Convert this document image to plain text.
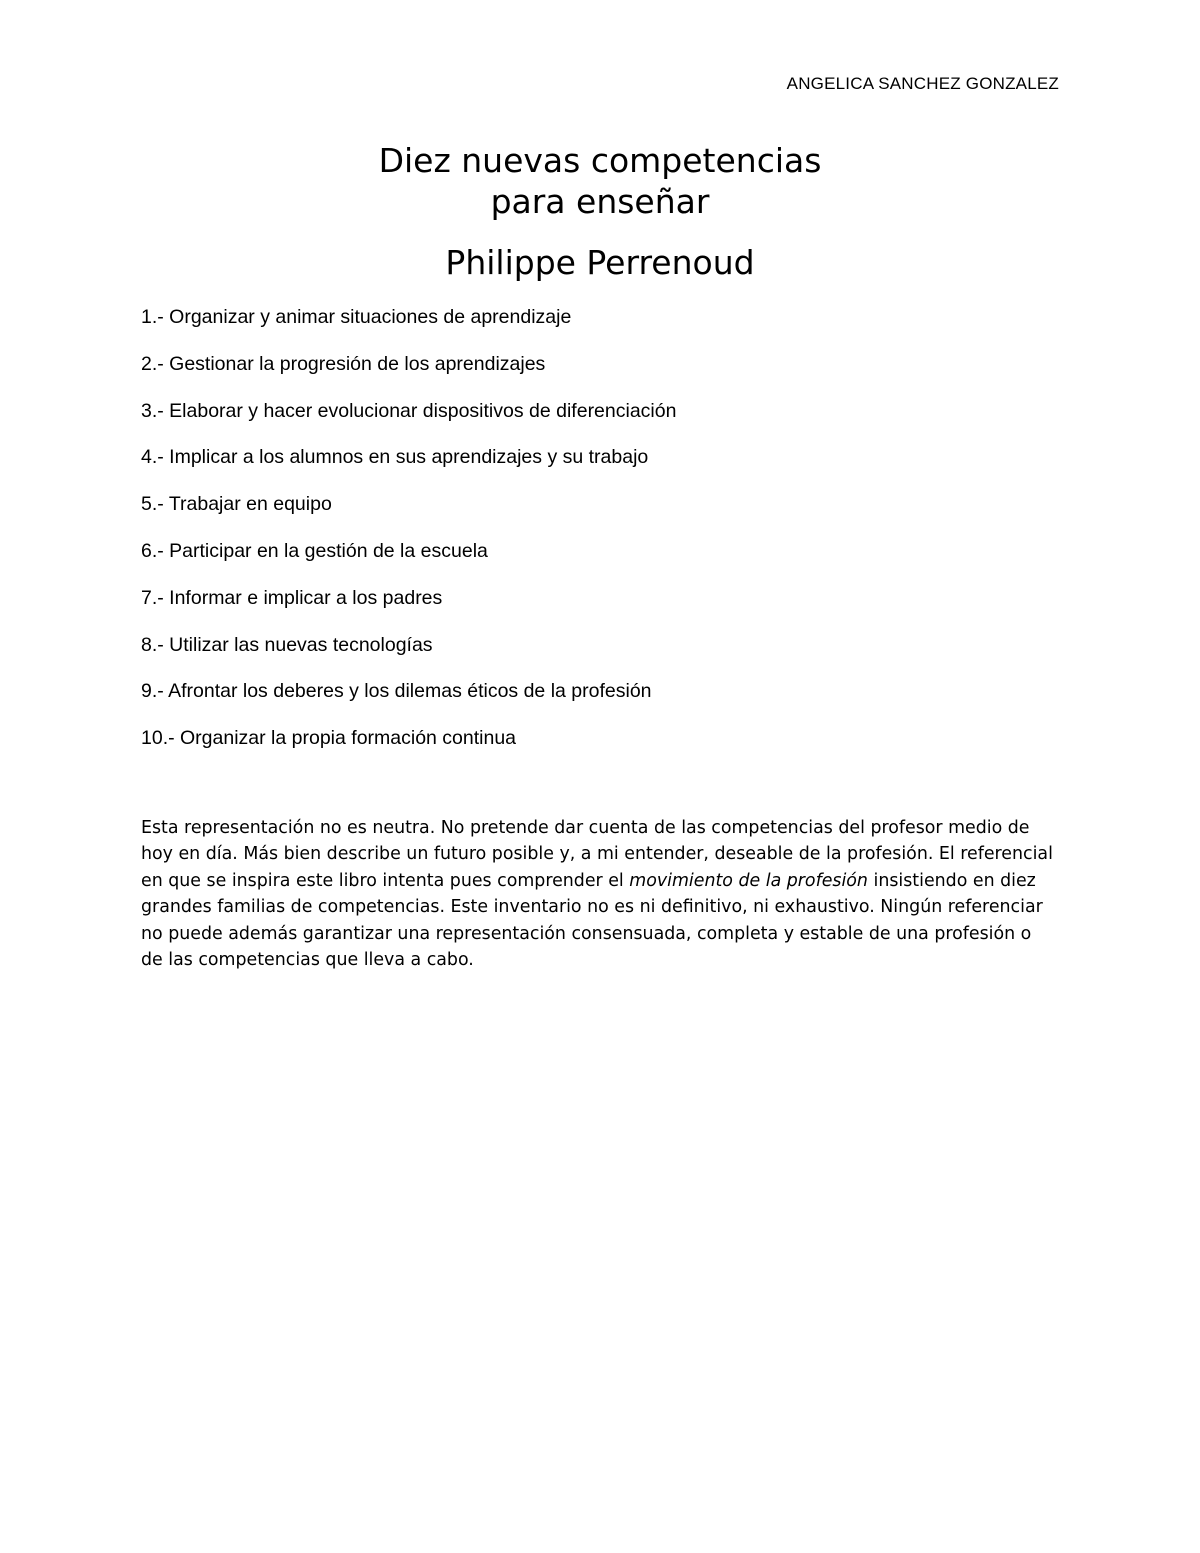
ANGELICA SANCHEZ GONZALEZ
Diez nuevas competencias
para enseñar
Philippe Perrenoud
1.- Organizar y animar situaciones de aprendizaje
2.- Gestionar la progresión de los aprendizajes
3.- Elaborar y hacer evolucionar dispositivos de diferenciación
4.- Implicar a los alumnos en sus aprendizajes y su trabajo
5.- Trabajar en equipo
6.- Participar en la gestión de la escuela
7.- Informar e implicar a los padres
8.- Utilizar las nuevas tecnologías
9.- Afrontar los deberes y los dilemas éticos de la profesión
10.- Organizar la propia formación continua

Esta representación no es neutra. No pretende dar cuenta de las competencias del profesor medio de hoy en día. Más bien describe un futuro posible y, a mi entender, deseable de la profesión. El referencial en que se inspira este libro intenta pues comprender el movimiento de la profesión insistiendo en diez grandes familias de competencias. Este inventario no es ni definitivo, ni exhaustivo. Ningún referenciar no puede además garantizar una representación consensuada, completa y estable de una profesión o de las competencias que lleva a cabo.
